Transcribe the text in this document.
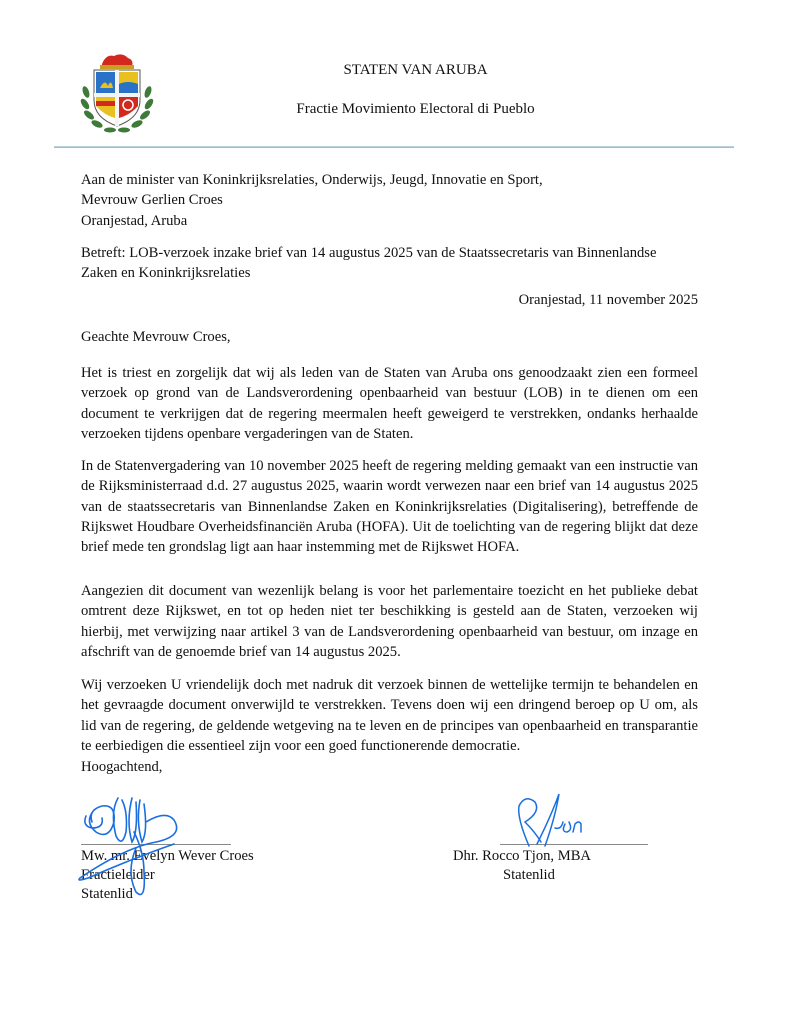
STATEN VAN ARUBA
Fractie Movimiento Electoral di Pueblo
Aan de minister van Koninkrijksrelaties, Onderwijs, Jeugd, Innovatie en Sport,
Mevrouw Gerlien Croes
Oranjestad, Aruba
Betreft: LOB-verzoek inzake brief van 14 augustus 2025 van de Staatssecretaris van Binnenlandse
Zaken en Koninkrijksrelaties
Oranjestad, 11 november 2025
Geachte Mevrouw Croes,
Het is triest en zorgelijk dat wij als leden van de Staten van Aruba ons genoodzaakt zien een formeel verzoek op grond van de Landsverordening openbaarheid van bestuur (LOB) in te dienen om een document te verkrijgen dat de regering meermalen heeft geweigerd te verstrekken, ondanks herhaalde verzoeken tijdens openbare vergaderingen van de Staten.
In de Statenvergadering van 10 november 2025 heeft de regering melding gemaakt van een instructie van de Rijksministerraad d.d. 27 augustus 2025, waarin wordt verwezen naar een brief van 14 augustus 2025 van de staatssecretaris van Binnenlandse Zaken en Koninkrijksrelaties (Digitalisering), betreffende de Rijkswet Houdbare Overheidsfinanciën Aruba (HOFA). Uit de toelichting van de regering blijkt dat deze brief mede ten grondslag ligt aan haar instemming met de Rijkswet HOFA.
Aangezien dit document van wezenlijk belang is voor het parlementaire toezicht en het publieke debat omtrent deze Rijkswet, en tot op heden niet ter beschikking is gesteld aan de Staten, verzoeken wij hierbij, met verwijzing naar artikel 3 van de Landsverordening openbaarheid van bestuur, om inzage en afschrift van de genoemde brief van 14 augustus 2025.
Wij verzoeken U vriendelijk doch met nadruk dit verzoek binnen de wettelijke termijn te behandelen en het gevraagde document onverwijld te verstrekken. Tevens doen wij een dringend beroep op U om, als lid van de regering, de geldende wetgeving na te leven en de principes van openbaarheid en transparantie te eerbiedigen die essentieel zijn voor een goed functionerende democratie.
Hoogachtend,
Mw. mr. Evelyn Wever Croes
Fractieleider
Statenlid
Dhr. Rocco Tjon, MBA
Statenlid
